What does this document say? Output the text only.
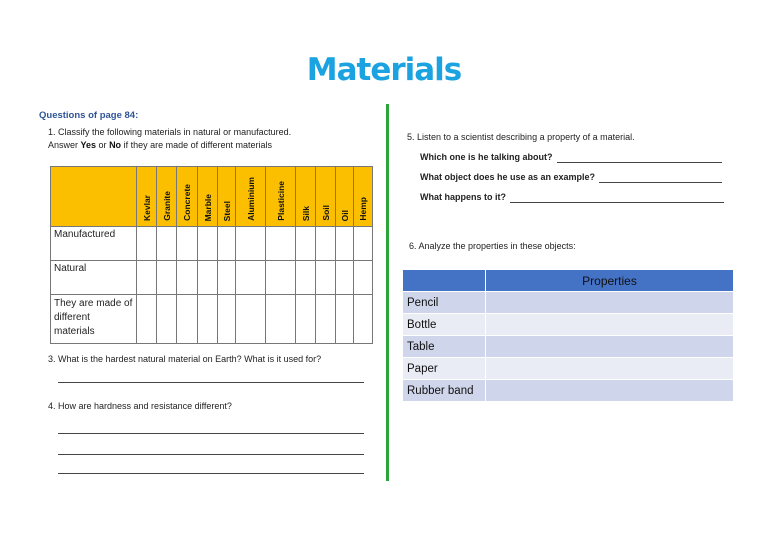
Materials
Questions of page 84:
1. Classify the following materials in natural or manufactured.
Answer Yes or No if they are made of different materials
	Kevlar	Granite	Concrete	Marble	Steel	Aluminium	Plasticine	Silk	Soil	Oil	Hemp
Manufactured											
Natural											
They are made of different materials											
3. What is the hardest natural material on Earth? What is it used for?
4. How are hardness and resistance different?
5. Listen to a scientist describing a property of a material.
Which one is he talking about?
What object does he use as an example?
What happens to it?
6. Analyze the properties in these objects:
	Properties
Pencil	
Bottle	
Table	
Paper	
Rubber band	
